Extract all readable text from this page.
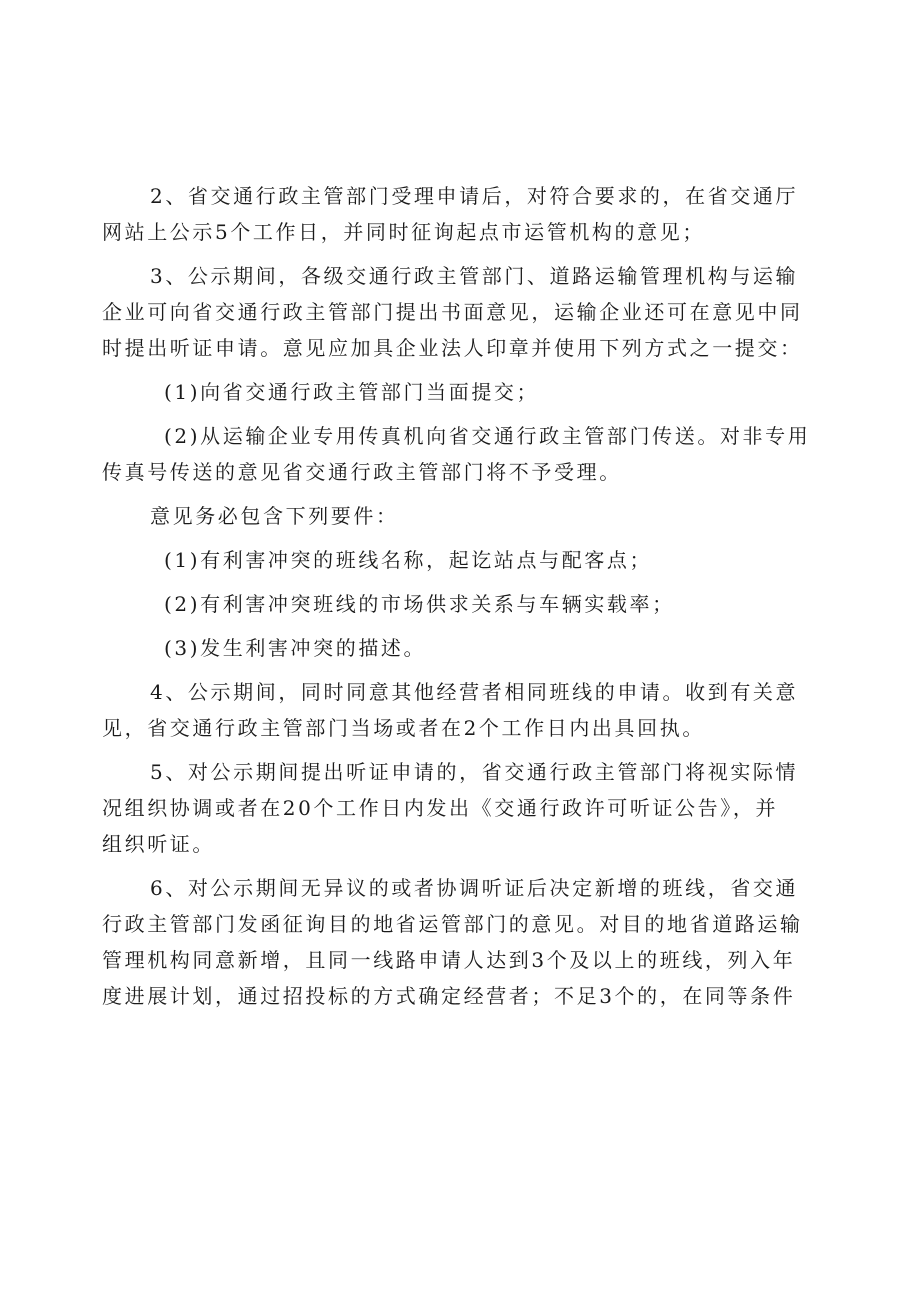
2、省交通行政主管部门受理申请后，对符合要求的，在省交通厅
网站上公示5个工作日，并同时征询起点市运管机构的意见；
3、公示期间，各级交通行政主管部门、道路运输管理机构与运输
企业可向省交通行政主管部门提出书面意见，运输企业还可在意见中同
时提出听证申请。意见应加具企业法人印章并使用下列方式之一提交：
(1)向省交通行政主管部门当面提交；
(2)从运输企业专用传真机向省交通行政主管部门传送。对非专用
传真号传送的意见省交通行政主管部门将不予受理。
意见务必包含下列要件：
(1)有利害冲突的班线名称，起讫站点与配客点；
(2)有利害冲突班线的市场供求关系与车辆实载率；
(3)发生利害冲突的描述。
4、公示期间，同时同意其他经营者相同班线的申请。收到有关意
见，省交通行政主管部门当场或者在2个工作日内出具回执。
5、对公示期间提出听证申请的，省交通行政主管部门将视实际情
况组织协调或者在20个工作日内发出《交通行政许可听证公告》，并
组织听证。
6、对公示期间无异议的或者协调听证后决定新增的班线，省交通
行政主管部门发函征询目的地省运管部门的意见。对目的地省道路运输
管理机构同意新增，且同一线路申请人达到3个及以上的班线，列入年
度进展计划，通过招投标的方式确定经营者；不足3个的，在同等条件
